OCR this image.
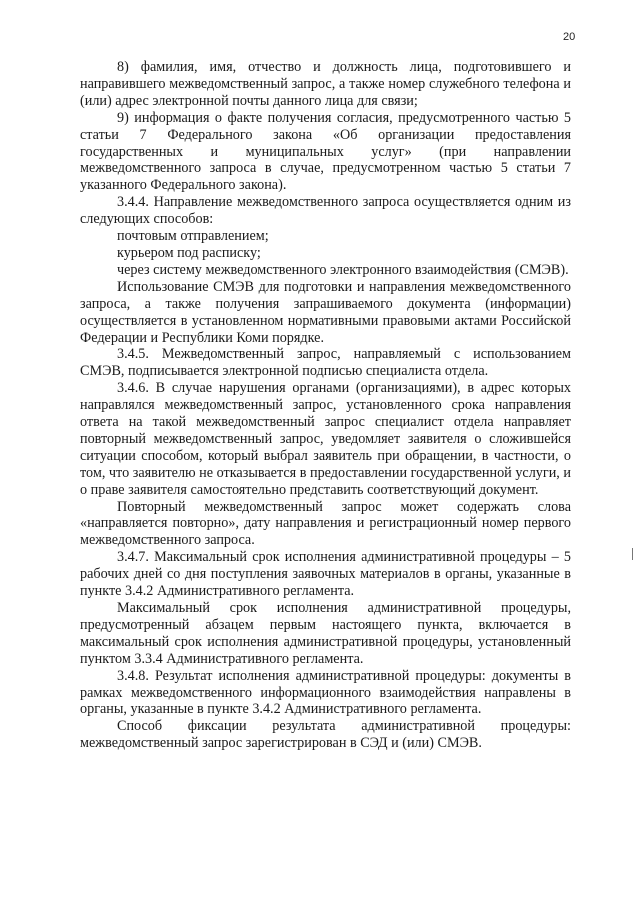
20

8) фамилия, имя, отчество и должность лица, подготовившего и направившего межведомственный запрос, а также номер служебного телефона и (или) адрес электронной почты данного лица для связи;

9) информация о факте получения согласия, предусмотренного частью 5 статьи 7 Федерального закона «Об организации предоставления государственных и муниципальных услуг» (при направлении межведомственного запроса в случае, предусмотренном частью 5 статьи 7 указанного Федерального закона).

3.4.4. Направление межведомственного запроса осуществляется одним из следующих способов:

почтовым отправлением;

курьером под расписку;

через систему межведомственного электронного взаимодействия (СМЭВ).

Использование СМЭВ для подготовки и направления межведомственного запроса, а также получения запрашиваемого документа (информации) осуществляется в установленном нормативными правовыми актами Российской Федерации и Республики Коми порядке.

3.4.5. Межведомственный запрос, направляемый с использованием СМЭВ, подписывается электронной подписью специалиста отдела.

3.4.6. В случае нарушения органами (организациями), в адрес которых направлялся межведомственный запрос, установленного срока направления ответа на такой межведомственный запрос специалист отдела направляет повторный межведомственный запрос, уведомляет заявителя о сложившейся ситуации способом, который выбрал заявитель при обращении, в частности, о том, что заявителю не отказывается в предоставлении государственной услуги, и о праве заявителя самостоятельно представить соответствующий документ.

Повторный межведомственный запрос может содержать слова «направляется повторно», дату направления и регистрационный номер первого межведомственного запроса.

3.4.7. Максимальный срок исполнения административной процедуры – 5 рабочих дней со дня поступления заявочных материалов в органы, указанные в пункте 3.4.2 Административного регламента.

Максимальный срок исполнения административной процедуры, предусмотренный абзацем первым настоящего пункта, включается в максимальный срок исполнения административной процедуры, установленный пунктом 3.3.4 Административного регламента.

3.4.8. Результат исполнения административной процедуры: документы в рамках межведомственного информационного взаимодействия направлены в органы, указанные в пункте 3.4.2 Административного регламента.

Способ фиксации результата административной процедуры: межведомственный запрос зарегистрирован в СЭД и (или) СМЭВ.
